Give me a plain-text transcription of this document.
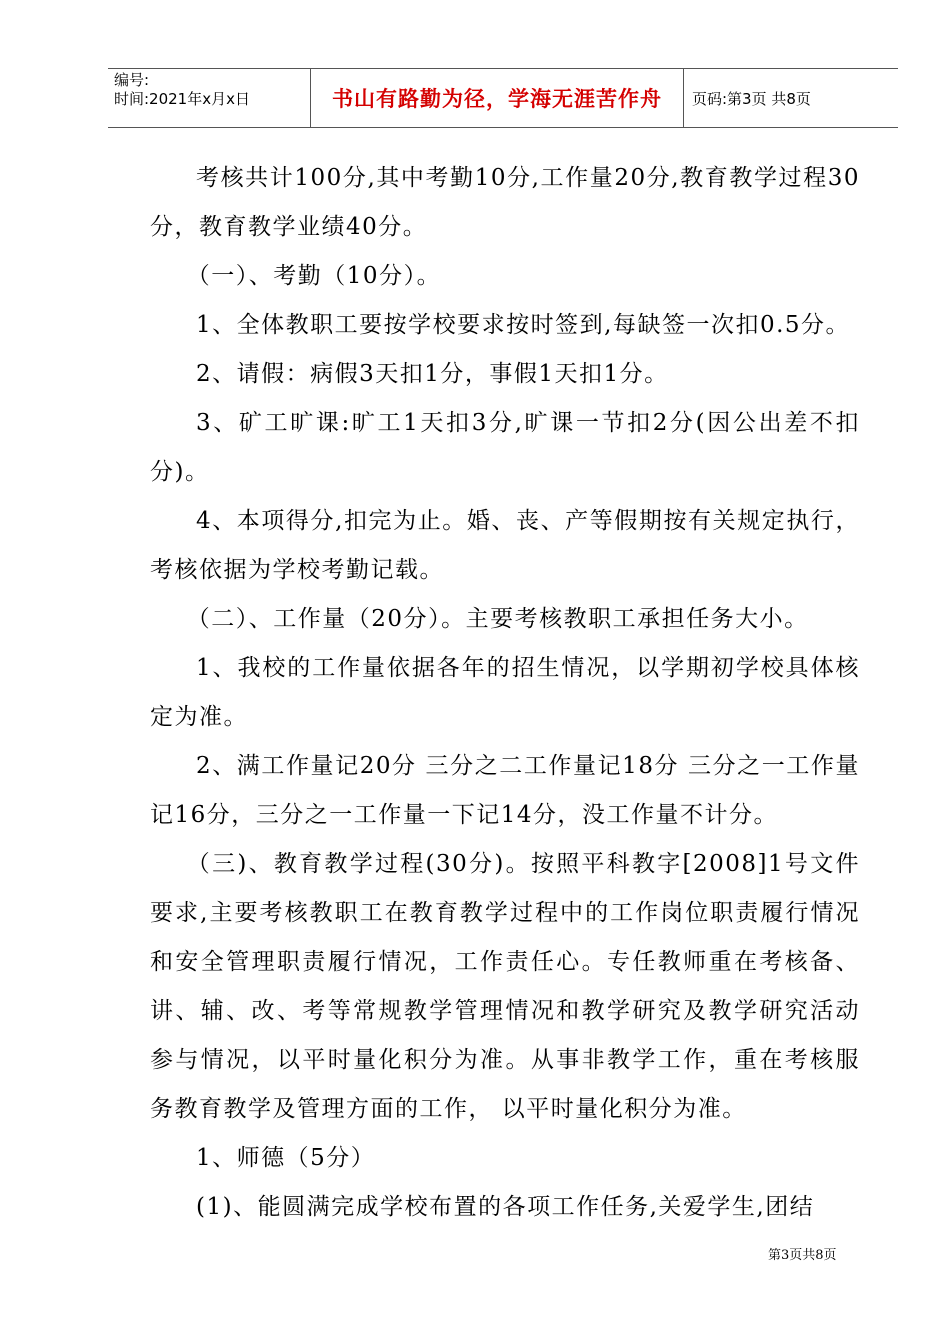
编号:
时间:2021年x月x日	书山有路勤为径，学海无涯苦作舟	页码:第3页 共8页

考核共计100分,其中考勤10分,工作量20分,教育教学过程30分，教育教学业绩40分。

（一）、考勤（10分）。

1、全体教职工要按学校要求按时签到,每缺签一次扣0.5分。

2、请假：病假3天扣1分，事假1天扣1分。

3、矿工旷课:旷工1天扣3分,旷课一节扣2分(因公出差不扣分)。

4、本项得分,扣完为止。婚、丧、产等假期按有关规定执行，考核依据为学校考勤记载。

（二）、工作量（20分）。主要考核教职工承担任务大小。

1、我校的工作量依据各年的招生情况，以学期初学校具体核定为准。

2、满工作量记20分 三分之二工作量记18分 三分之一工作量记16分，三分之一工作量一下记14分，没工作量不计分。

（三)、教育教学过程(30分)。按照平科教字[2008]1号文件要求,主要考核教职工在教育教学过程中的工作岗位职责履行情况和安全管理职责履行情况，工作责任心。专任教师重在考核备、讲、辅、改、考等常规教学管理情况和教学研究及教学研究活动参与情况，以平时量化积分为准。从事非教学工作，重在考核服务教育教学及管理方面的工作， 以平时量化积分为准。

1、师德（5分）

(1)、能圆满完成学校布置的各项工作任务,关爱学生,团结

第3页共8页
